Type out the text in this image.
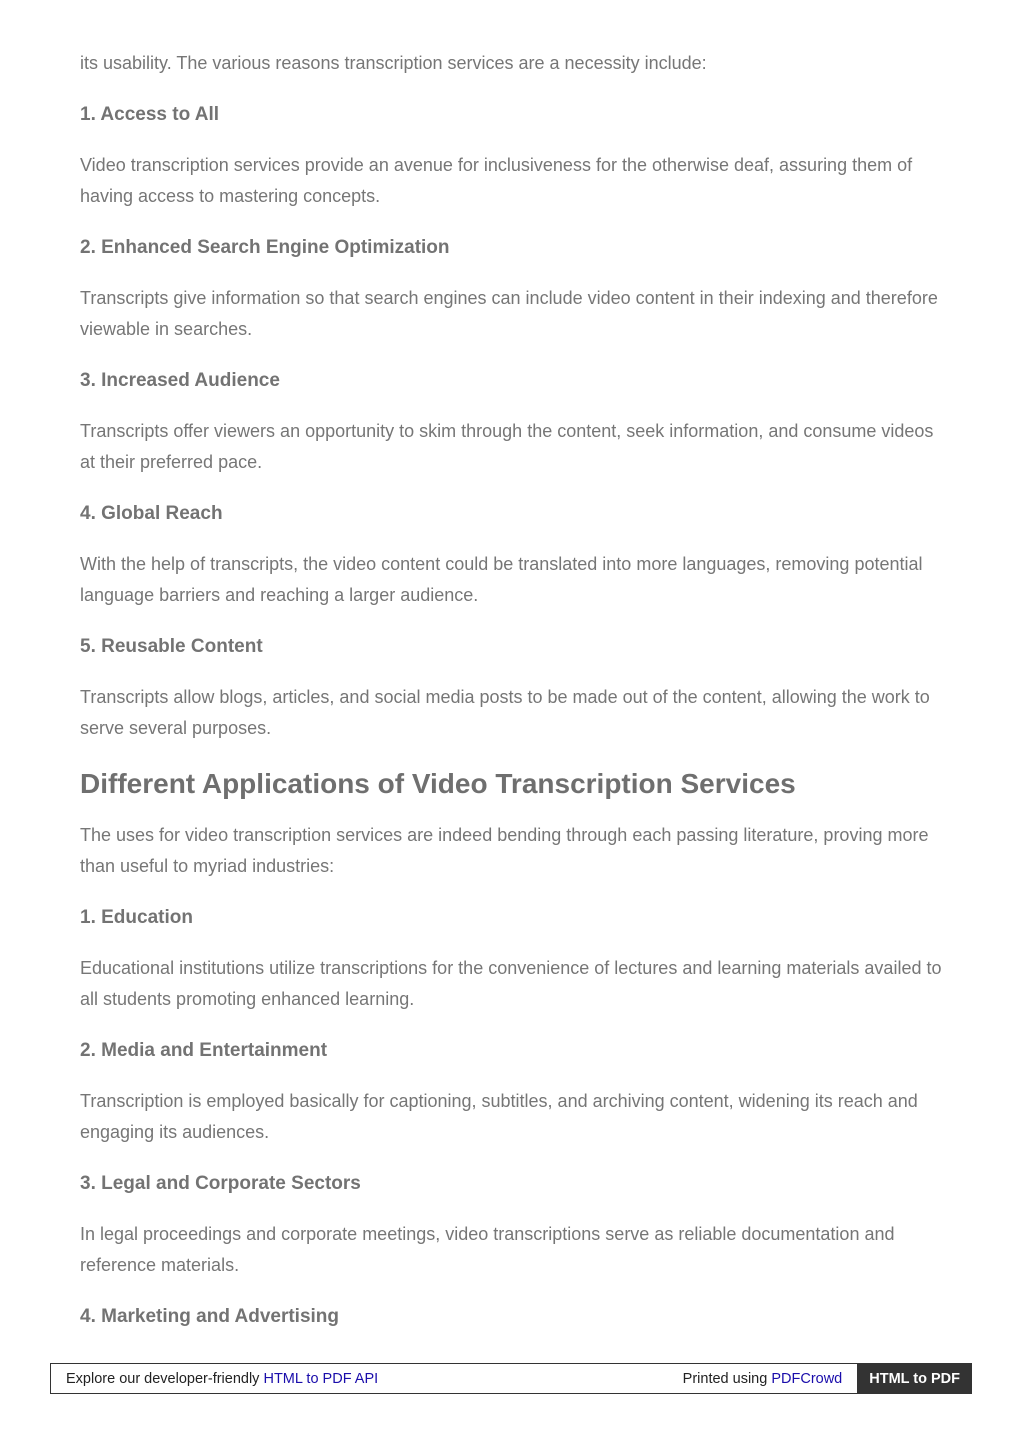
its usability. The various reasons transcription services are a necessity include:

1. Access to All

Video transcription services provide an avenue for inclusiveness for the otherwise deaf, assuring them of having access to mastering concepts.

2. Enhanced Search Engine Optimization

Transcripts give information so that search engines can include video content in their indexing and therefore viewable in searches.

3. Increased Audience

Transcripts offer viewers an opportunity to skim through the content, seek information, and consume videos at their preferred pace.

4. Global Reach

With the help of transcripts, the video content could be translated into more languages, removing potential language barriers and reaching a larger audience.

5. Reusable Content

Transcripts allow blogs, articles, and social media posts to be made out of the content, allowing the work to serve several purposes.

Different Applications of Video Transcription Services

The uses for video transcription services are indeed bending through each passing literature, proving more than useful to myriad industries:

1. Education

Educational institutions utilize transcriptions for the convenience of lectures and learning materials availed to all students promoting enhanced learning.

2. Media and Entertainment

Transcription is employed basically for captioning, subtitles, and archiving content, widening its reach and engaging its audiences.

3. Legal and Corporate Sectors

In legal proceedings and corporate meetings, video transcriptions serve as reliable documentation and reference materials.

4. Marketing and Advertising
Explore our developer-friendly HTML to PDF API	Printed using PDFCrowd	HTML to PDF
